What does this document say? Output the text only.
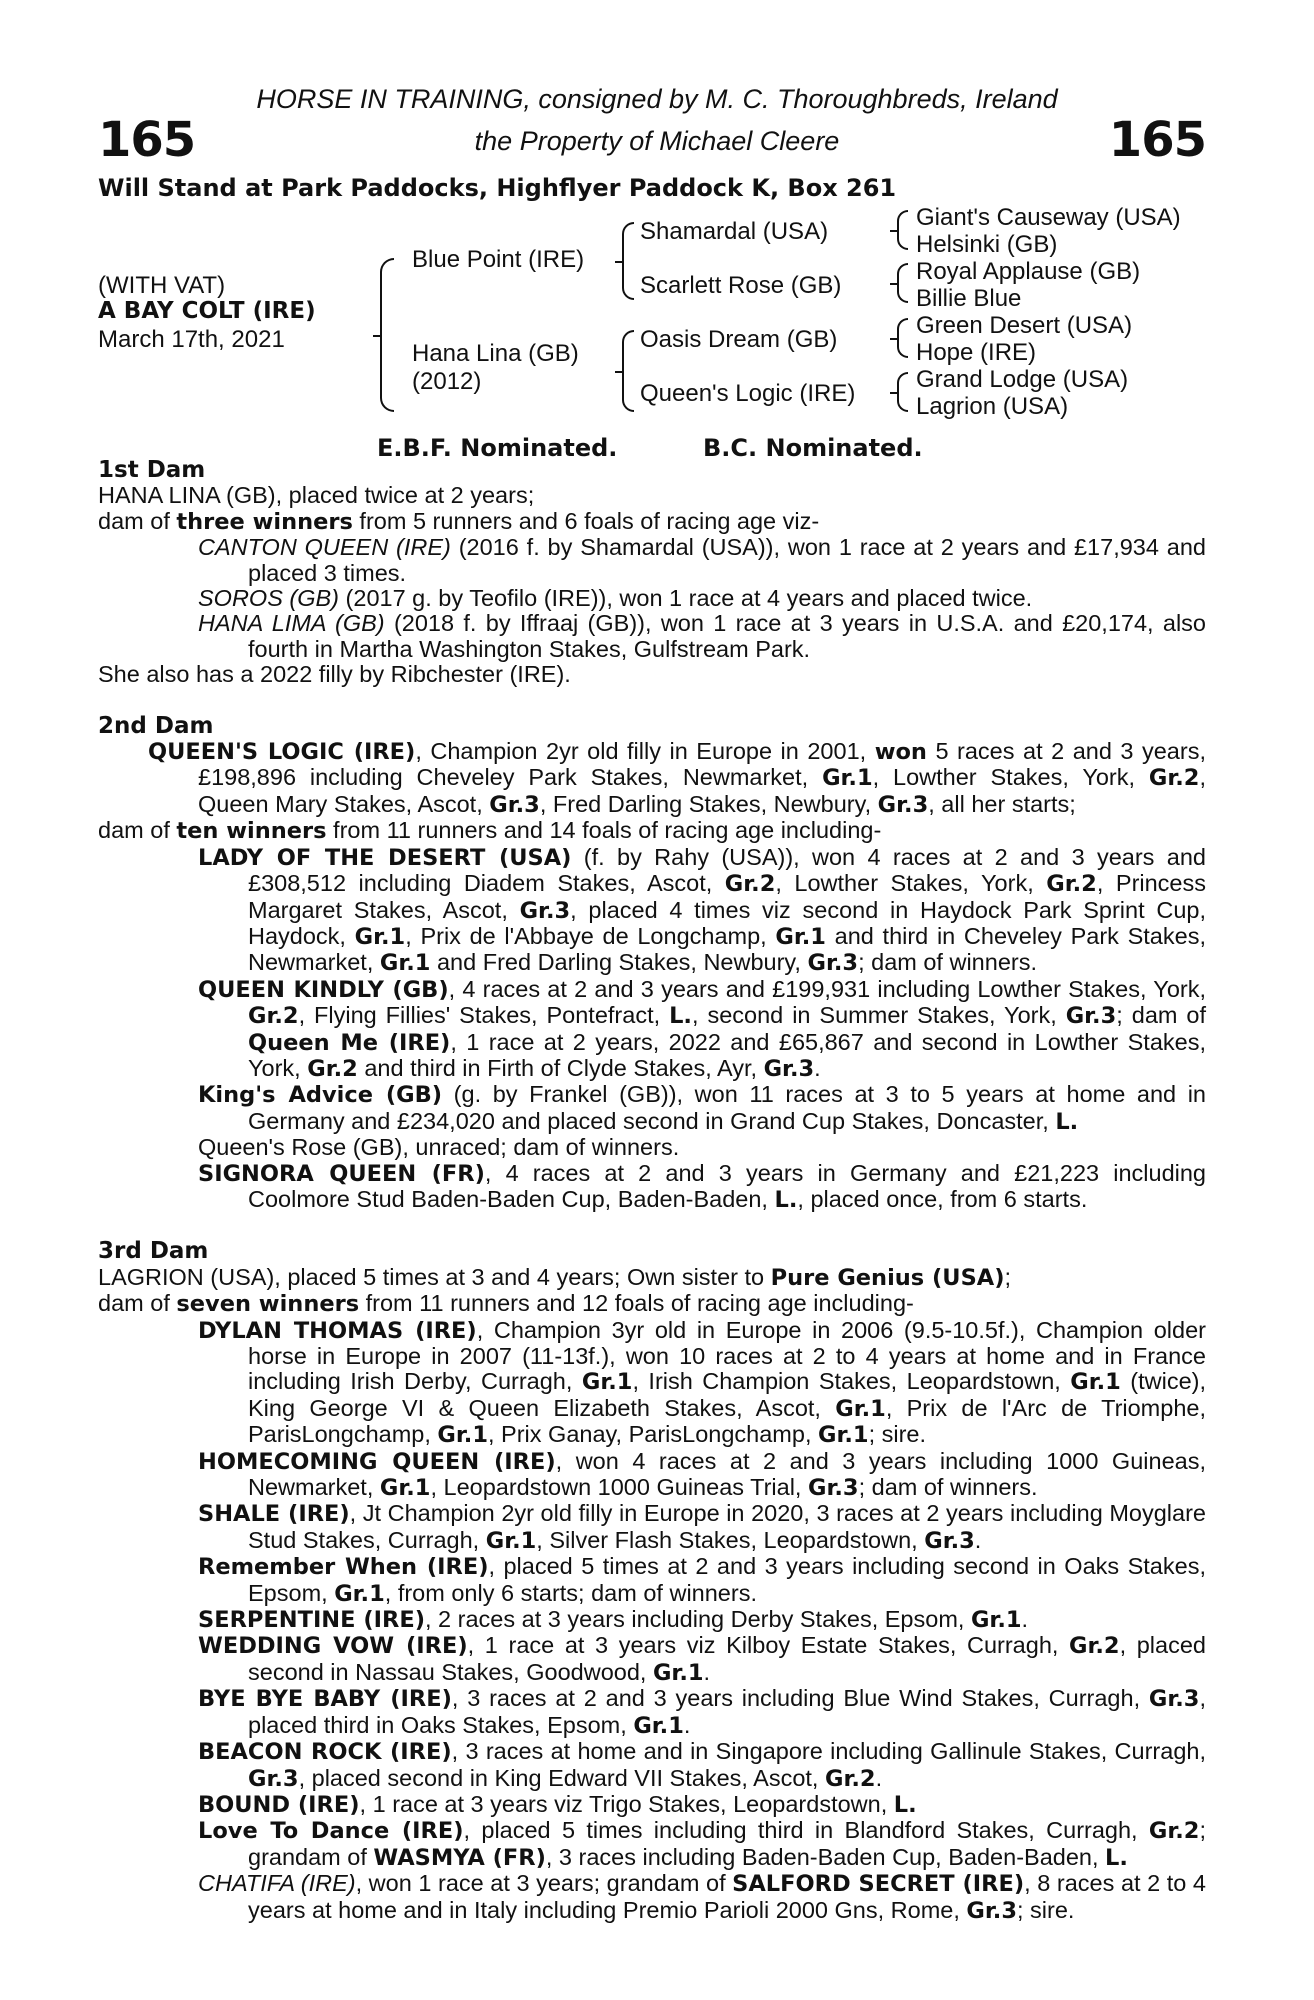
165	165
HORSE IN TRAINING, consigned by M. C. Thoroughbreds, Ireland
the Property of Michael Cleere
Will Stand at Park Paddocks, Highflyer Paddock K, Box 261
(WITH VAT)
A BAY COLT (IRE)
March 17th, 2021
Blue Point (IRE)
Hana Lina (GB)
(2012)
Shamardal (USA)
Scarlett Rose (GB)
Oasis Dream (GB)
Queen's Logic (IRE)
Giant's Causeway (USA)
Helsinki (GB)
Royal Applause (GB)
Billie Blue
Green Desert (USA)
Hope (IRE)
Grand Lodge (USA)
Lagrion (USA)
E.B.F. Nominated.	B.C. Nominated.
1st Dam
HANA LINA (GB), placed twice at 2 years;
dam of three winners from 5 runners and 6 foals of racing age viz-
CANTON QUEEN (IRE) (2016 f. by Shamardal (USA)), won 1 race at 2 years and £17,934 and placed 3 times.
SOROS (GB) (2017 g. by Teofilo (IRE)), won 1 race at 4 years and placed twice.
HANA LIMA (GB) (2018 f. by Iffraaj (GB)), won 1 race at 3 years in U.S.A. and £20,174, also fourth in Martha Washington Stakes, Gulfstream Park.
She also has a 2022 filly by Ribchester (IRE).
2nd Dam
QUEEN'S LOGIC (IRE), Champion 2yr old filly in Europe in 2001, won 5 races at 2 and 3 years, £198,896 including Cheveley Park Stakes, Newmarket, Gr.1, Lowther Stakes, York, Gr.2, Queen Mary Stakes, Ascot, Gr.3, Fred Darling Stakes, Newbury, Gr.3, all her starts;
dam of ten winners from 11 runners and 14 foals of racing age including-
LADY OF THE DESERT (USA) (f. by Rahy (USA)), won 4 races at 2 and 3 years and £308,512 including Diadem Stakes, Ascot, Gr.2, Lowther Stakes, York, Gr.2, Princess Margaret Stakes, Ascot, Gr.3, placed 4 times viz second in Haydock Park Sprint Cup, Haydock, Gr.1, Prix de l'Abbaye de Longchamp, Gr.1 and third in Cheveley Park Stakes, Newmarket, Gr.1 and Fred Darling Stakes, Newbury, Gr.3; dam of winners.
QUEEN KINDLY (GB), 4 races at 2 and 3 years and £199,931 including Lowther Stakes, York, Gr.2, Flying Fillies' Stakes, Pontefract, L., second in Summer Stakes, York, Gr.3; dam of Queen Me (IRE), 1 race at 2 years, 2022 and £65,867 and second in Lowther Stakes, York, Gr.2 and third in Firth of Clyde Stakes, Ayr, Gr.3.
King's Advice (GB) (g. by Frankel (GB)), won 11 races at 3 to 5 years at home and in Germany and £234,020 and placed second in Grand Cup Stakes, Doncaster, L.
Queen's Rose (GB), unraced; dam of winners.
SIGNORA QUEEN (FR), 4 races at 2 and 3 years in Germany and £21,223 including Coolmore Stud Baden-Baden Cup, Baden-Baden, L., placed once, from 6 starts.
3rd Dam
LAGRION (USA), placed 5 times at 3 and 4 years; Own sister to Pure Genius (USA);
dam of seven winners from 11 runners and 12 foals of racing age including-
DYLAN THOMAS (IRE), Champion 3yr old in Europe in 2006 (9.5-10.5f.), Champion older horse in Europe in 2007 (11-13f.), won 10 races at 2 to 4 years at home and in France including Irish Derby, Curragh, Gr.1, Irish Champion Stakes, Leopardstown, Gr.1 (twice), King George VI & Queen Elizabeth Stakes, Ascot, Gr.1, Prix de l'Arc de Triomphe, ParisLongchamp, Gr.1, Prix Ganay, ParisLongchamp, Gr.1; sire.
HOMECOMING QUEEN (IRE), won 4 races at 2 and 3 years including 1000 Guineas, Newmarket, Gr.1, Leopardstown 1000 Guineas Trial, Gr.3; dam of winners.
SHALE (IRE), Jt Champion 2yr old filly in Europe in 2020, 3 races at 2 years including Moyglare Stud Stakes, Curragh, Gr.1, Silver Flash Stakes, Leopardstown, Gr.3.
Remember When (IRE), placed 5 times at 2 and 3 years including second in Oaks Stakes, Epsom, Gr.1, from only 6 starts; dam of winners.
SERPENTINE (IRE), 2 races at 3 years including Derby Stakes, Epsom, Gr.1.
WEDDING VOW (IRE), 1 race at 3 years viz Kilboy Estate Stakes, Curragh, Gr.2, placed second in Nassau Stakes, Goodwood, Gr.1.
BYE BYE BABY (IRE), 3 races at 2 and 3 years including Blue Wind Stakes, Curragh, Gr.3, placed third in Oaks Stakes, Epsom, Gr.1.
BEACON ROCK (IRE), 3 races at home and in Singapore including Gallinule Stakes, Curragh, Gr.3, placed second in King Edward VII Stakes, Ascot, Gr.2.
BOUND (IRE), 1 race at 3 years viz Trigo Stakes, Leopardstown, L.
Love To Dance (IRE), placed 5 times including third in Blandford Stakes, Curragh, Gr.2; grandam of WASMYA (FR), 3 races including Baden-Baden Cup, Baden-Baden, L.
CHATIFA (IRE), won 1 race at 3 years; grandam of SALFORD SECRET (IRE), 8 races at 2 to 4 years at home and in Italy including Premio Parioli 2000 Gns, Rome, Gr.3; sire.
